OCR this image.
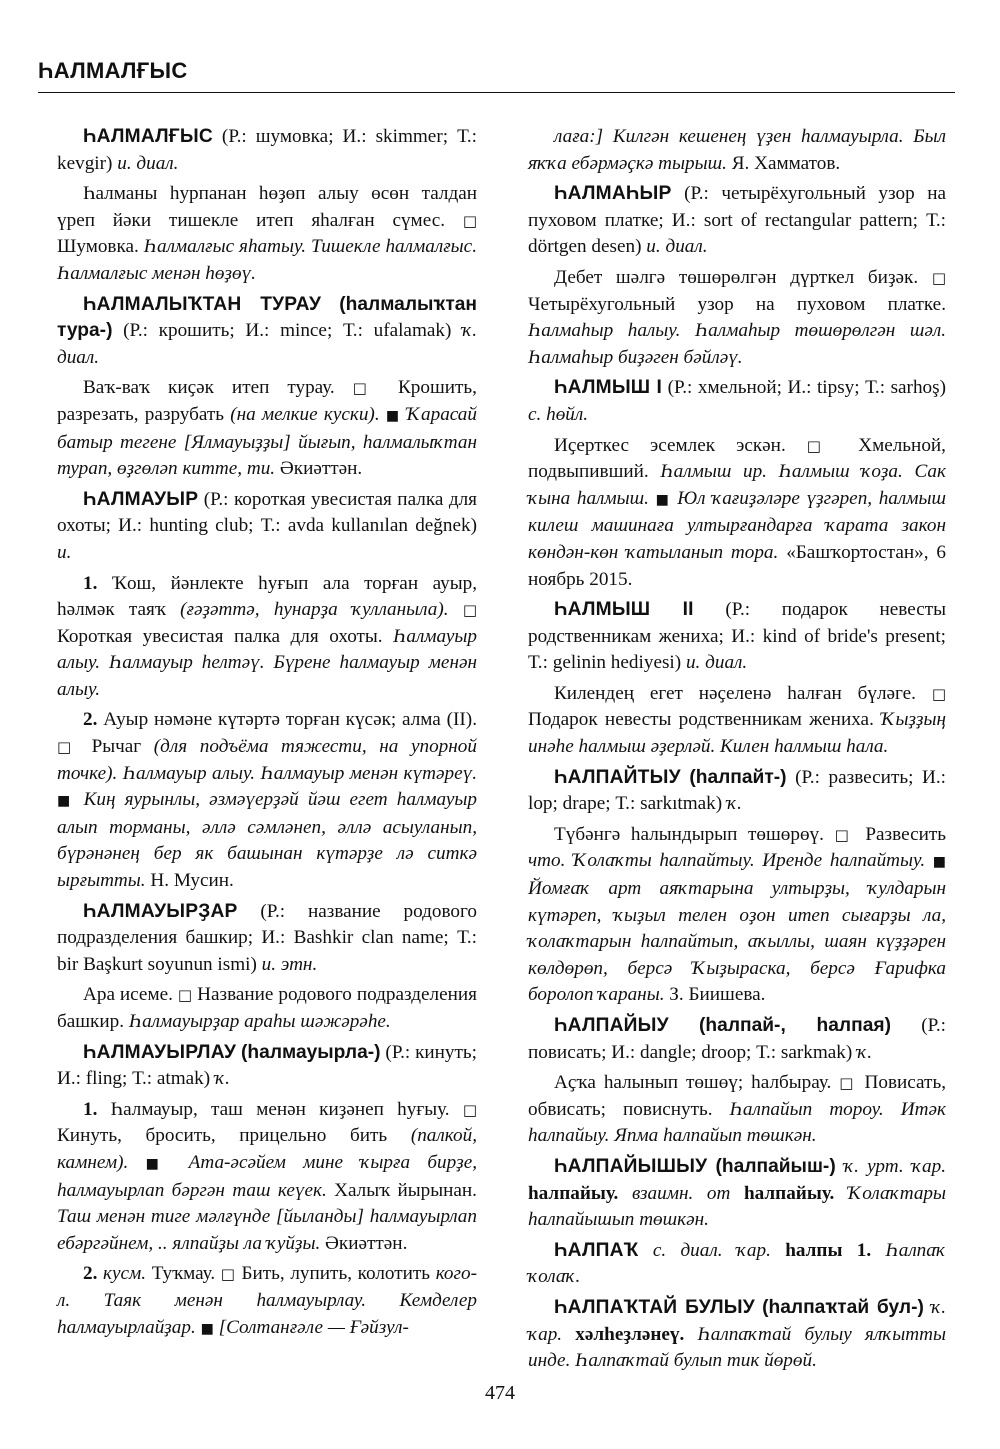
ҺАЛМАЛҒЫС

ҺАЛМАЛҒЫС (Р.: шумовка; И.: skimmer; Т.: kevgir) и. диал.

Һалманы һурпанан һөҙөп алыу өсөн талдан үреп йәки тишекле итеп яһалған сүмес. □ Шумовка. Һалмалғыс яһатыу. Тишекле һалмалғыс. Һалмалғыс менән һөҙөү.

ҺАЛМАЛЫҠТАН ТУРАУ (һалмалыҡтан тура-) (Р.: крошить; И.: mince; Т.: ufalamak) ҡ. диал.

Ваҡ-ваҡ киҫәк итеп турау. □ Крошить, разрезать, разрубать (на мелкие куски). ■ Ҡарасай батыр тегене [Ялмауыҙҙы] йығып, һалмалыҡтан турап, өҙгөләп китте, ти. Әкиәттән.

ҺАЛМАУЫР (Р.: короткая увесистая палка для охоты; И.: hunting club; Т.: avda kullanılan değnek) и.

1. Ҡош, йәнлекте һуғып ала торған ауыр, һәлмәк таяҡ (ғәҙәттә, һунарҙа ҡулланыла). □ Короткая увесистая палка для охоты. Һалмауыр алыу. Һалмауыр һелтәү. Бүрене һалмауыр менән алыу.

2. Ауыр нәмәне күтәртә торған күсәк; алма (II). □ Рычаг (для подъёма тяжести, на упорной точке). Һалмауыр алыу. Һалмауыр менән күтәреү. ■ Киң яурынлы, әзмәүерҙәй йәш егет һалмауыр алып торманы, әллә сәмләнеп, әллә асыуланып, бүрәнәнең бер як башынан күтәрҙе лә ситкә ырғытты. Н. Мусин.

ҺАЛМАУЫРҘАР (Р.: название родового подразделения башкир; И.: Bashkir clan name; Т.: bir Başkurt soyunun ismi) и. этн.

Ара исеме. □ Название родового подразделения башкир. Һалмауырҙар араһы шәжәрәһе.

ҺАЛМАУЫРЛАУ (һалмауырла-) (Р.: кинуть; И.: fling; Т.: atmak) ҡ.

1. Һалмауыр, таш менән киҙәнеп һуғыу. □ Кинуть, бросить, прицельно бить (палкой, камнем). ■ Ата-әсәйем мине ҡырға бирҙе, һалмауырлап бәргән таш кеүек. Халыҡ йырынан. Таш менән тиге мәлғүнде [йыланды] һалмауырлап ебәргәйнем, .. ялпайҙы ла ҡуйҙы. Әкиәттән.

2. кусм. Туҡмау. □ Бить, лупить, колотить кого-л. Таяк менән һалмауырлау. Кемделер һалмауырлайҙар. ■ [Солтанғәле — Ғәйзул-

лаға:] Килгән кешенең үҙен һалмауырла. Был яҡҡа ебәрмәҫкә тырыш. Я. Хамматов.

ҺАЛМАҺЫР (Р.: четырёхугольный узор на пуховом платке; И.: sort of rectangular pattern; Т.: dörtgen desen) и. диал.

Дебет шәлгә төшөрөлгән дүрткел биҙәк. □ Четырёхугольный узор на пуховом платке. Һалмаһыр һалыу. Һалмаһыр төшөрөлгән шәл. Һалмаһыр биҙәген бәйләү.

ҺАЛМЫШ I (Р.: хмельной; И.: tipsy; Т.: sarhoş) с. һөйл.

Иҫерткес эсемлек эскән. □ Хмельной, подвыпивший. Һалмыш ир. Һалмыш ҡоҙа. Сак ҡына һалмыш. ■ Юл ҡағиҙәләре үҙгәреп, һалмыш килеш машинаға ултырғандарға ҡарата закон көндән-көн ҡатыланып тора. «Башҡортостан», 6 ноябрь 2015.

ҺАЛМЫШ II (Р.: подарок невесты родственникам жениха; И.: kind of bride's present; Т.: gelinin hediyesi) и. диал.

Килендең егет нәҫеленә һалған бүләге. □ Подарок невесты родственникам жениха. Ҡыҙҙың инәһе һалмыш әҙерләй. Килен һалмыш һала.

ҺАЛПАЙТЫУ (һалпайт-) (Р.: развесить; И.: lop; drape; Т.: sarkıtmak) ҡ.

Түбәнгә һалындырып төшөрөү. □ Развесить что. Ҡолаҡты һалпайтыу. Иренде һалпайтыу. ■ Йомғаҡ арт аяҡтарына ултырҙы, ҡулдарын күтәреп, ҡыҙыл телен оҙон итеп сығарҙы ла, ҡолаҡтарын һалпайтып, аҡыллы, шаян күҙҙәрен көлдөрөп, берсә Ҡыҙыраска, берсә Ғарифка боролоп ҡараны. З. Биишева.

ҺАЛПАЙЫУ (һалпай-, һалпая) (Р.: повисать; И.: dangle; droop; Т.: sarkmak) ҡ.

Аҫҡа һалынып төшөү; һалбырау. □ Повисать, обвисать; повиснуть. Һалпайып тороу. Итәк һалпайыу. Япма һалпайып төшкән.

ҺАЛПАЙЫШЫУ (һалпайыш-) ҡ. урт. ҡар. һалпайыу. взаимн. от һалпайыу. Ҡолаҡтары һалпайышып төшкән.

ҺАЛПАҠ с. диал. ҡар. һалпы 1. Һалпаҡ ҡолаҡ.

ҺАЛПАҠТАЙ БУЛЫУ (һалпаҡтай бул-) ҡ. ҡар. хәлһеҙләнеү. Һалпаҡтай булыу ялҡытты инде. Һалпаҡтай булып тик йөрөй.

474
